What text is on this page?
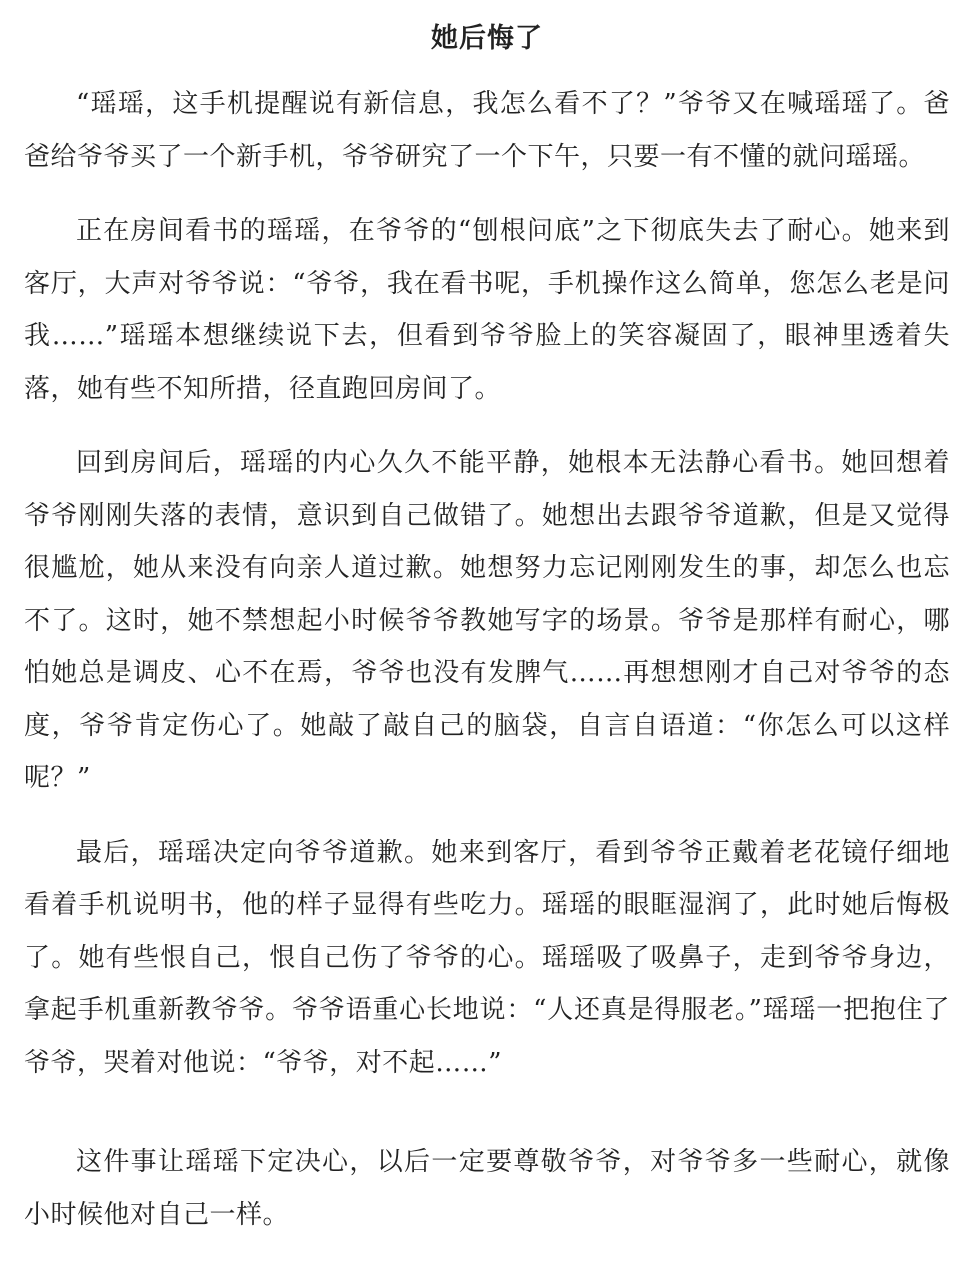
她后悔了

“瑶瑶，这手机提醒说有新信息，我怎么看不了？”爷爷又在喊瑶瑶了。爸爸给爷爷买了一个新手机，爷爷研究了一个下午，只要一有不懂的就问瑶瑶。

正在房间看书的瑶瑶，在爷爷的“刨根问底”之下彻底失去了耐心。她来到客厅，大声对爷爷说：“爷爷，我在看书呢，手机操作这么简单，您怎么老是问我……”瑶瑶本想继续说下去，但看到爷爷脸上的笑容凝固了，眼神里透着失落，她有些不知所措，径直跑回房间了。

回到房间后，瑶瑶的内心久久不能平静，她根本无法静心看书。她回想着爷爷刚刚失落的表情，意识到自己做错了。她想出去跟爷爷道歉，但是又觉得很尴尬，她从来没有向亲人道过歉。她想努力忘记刚刚发生的事，却怎么也忘不了。这时，她不禁想起小时候爷爷教她写字的场景。爷爷是那样有耐心，哪怕她总是调皮、心不在焉，爷爷也没有发脾气……再想想刚才自己对爷爷的态度，爷爷肯定伤心了。她敲了敲自己的脑袋，自言自语道：“你怎么可以这样呢？”

最后，瑶瑶决定向爷爷道歉。她来到客厅，看到爷爷正戴着老花镜仔细地看着手机说明书，他的样子显得有些吃力。瑶瑶的眼眶湿润了，此时她后悔极了。她有些恨自己，恨自己伤了爷爷的心。瑶瑶吸了吸鼻子，走到爷爷身边，拿起手机重新教爷爷。爷爷语重心长地说：“人还真是得服老。”瑶瑶一把抱住了爷爷，哭着对他说：“爷爷，对不起……”

这件事让瑶瑶下定决心，以后一定要尊敬爷爷，对爷爷多一些耐心，就像小时候他对自己一样。
